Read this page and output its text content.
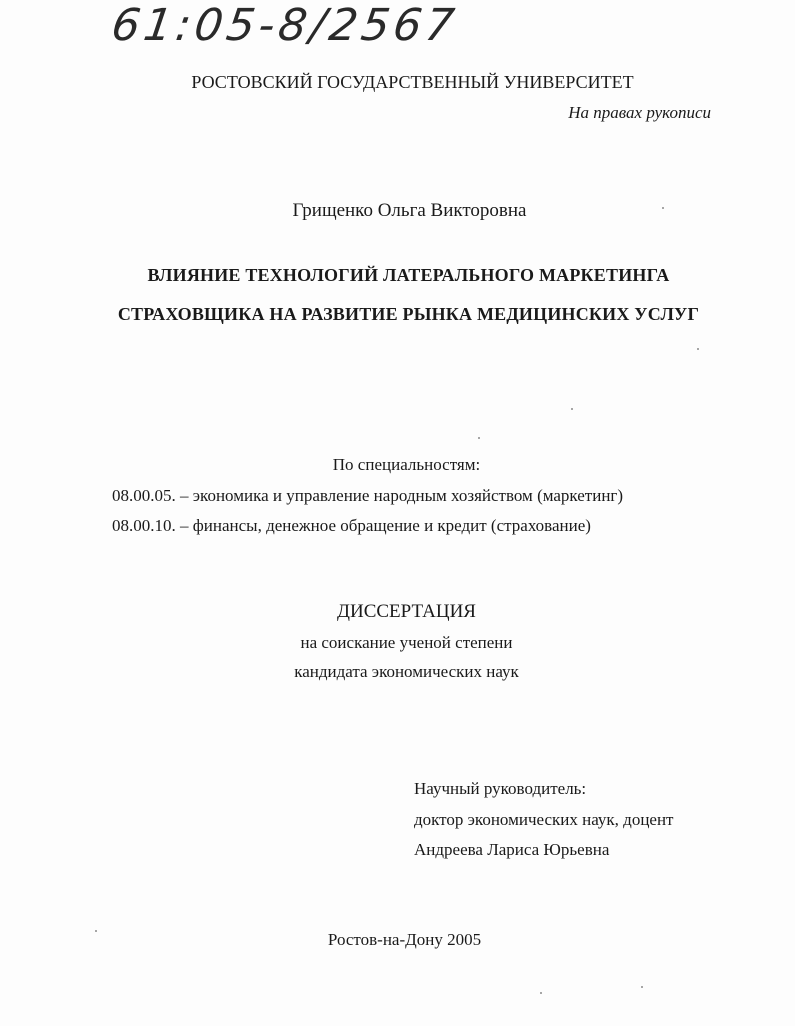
61:05-8/2567
РОСТОВСКИЙ ГОСУДАРСТВЕННЫЙ УНИВЕРСИТЕТ
На правах рукописи
Грищенко Ольга Викторовна
ВЛИЯНИЕ ТЕХНОЛОГИЙ ЛАТЕРАЛЬНОГО МАРКЕТИНГА
СТРАХОВЩИКА НА РАЗВИТИЕ РЫНКА МЕДИЦИНСКИХ УСЛУГ
По специальностям:
08.00.05. – экономика и управление народным хозяйством (маркетинг)
08.00.10. – финансы, денежное обращение и кредит (страхование)
ДИССЕРТАЦИЯ
на соискание ученой степени
кандидата экономических наук
Научный руководитель:
доктор экономических наук, доцент
Андреева Лариса Юрьевна
Ростов-на-Дону 2005
